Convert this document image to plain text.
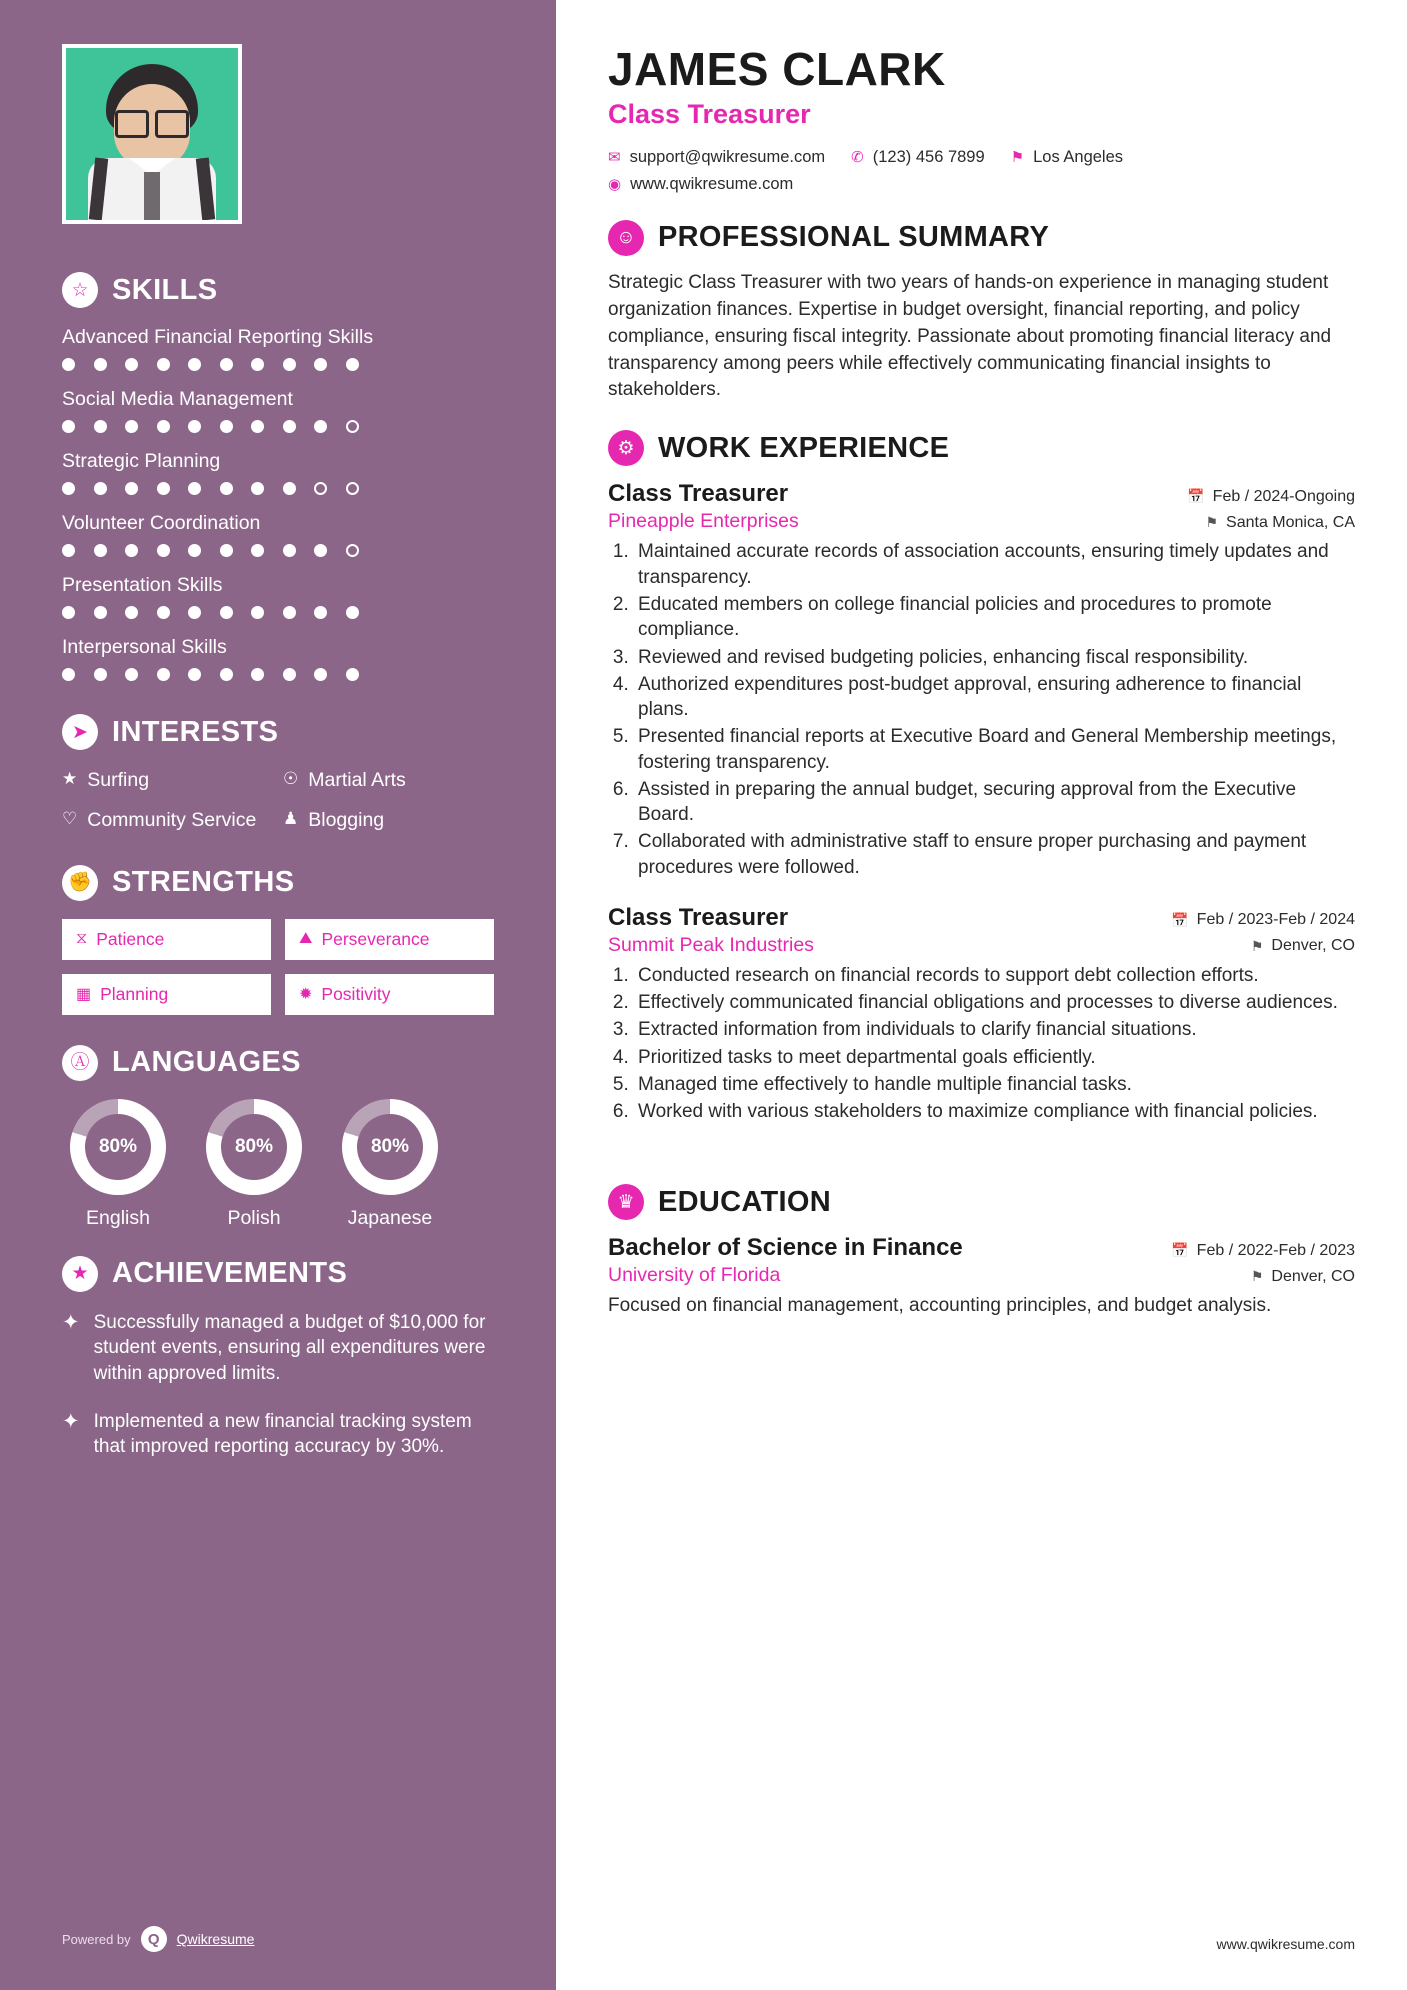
☆ SKILLS
Advanced Financial Reporting Skills
Social Media Management
Strategic Planning
Volunteer Coordination
Presentation Skills
Interpersonal Skills
➤ INTERESTS
★ Surfing	☉ Martial Arts
♡ Community Service ♟ Blogging
✊ STRENGTHS
⧖ Patience	⛰ Perseverance
▦ Planning	✹ Positivity
Ⓐ LANGUAGES
80%
English
80%
Polish
80%
Japanese
★ ACHIEVEMENTS
✦ Successfully managed a budget of $10,000 for student events, ensuring all expenditures were within approved limits.
✦ Implemented a new financial tracking system that improved reporting accuracy by 30%.
Powered by	Q	Qwikresume
JAMES CLARK
Class Treasurer
✉ support@qwikresume.com ✆ (123) 456 7899 ⚑ Los Angeles
◉ www.qwikresume.com
☺ PROFESSIONAL SUMMARY

Strategic Class Treasurer with two years of hands-on experience in managing student organization finances. Expertise in budget oversight, financial reporting, and policy compliance, ensuring fiscal integrity. Passionate about promoting financial literacy and transparency among peers while effectively communicating financial insights to stakeholders.

⚙ WORK EXPERIENCE
Class Treasurer	📅 Feb / 2024-Ongoing
Pineapple Enterprises	⚑ Santa Monica, CA
1. Maintained accurate records of association accounts, ensuring timely updates and transparency.
2. Educated members on college financial policies and procedures to promote compliance.
3. Reviewed and revised budgeting policies, enhancing fiscal responsibility.
4. Authorized expenditures post-budget approval, ensuring adherence to financial plans.
5. Presented financial reports at Executive Board and General Membership meetings, fostering transparency.
6. Assisted in preparing the annual budget, securing approval from the Executive Board.
7. Collaborated with administrative staff to ensure proper purchasing and payment procedures were followed.
Class Treasurer	📅 Feb / 2023-Feb / 2024
Summit Peak Industries	⚑ Denver, CO
1. Conducted research on financial records to support debt collection efforts.
2. Effectively communicated financial obligations and processes to diverse audiences.
3. Extracted information from individuals to clarify financial situations.
4. Prioritized tasks to meet departmental goals efficiently.
5. Managed time effectively to handle multiple financial tasks.
6. Worked with various stakeholders to maximize compliance with financial policies.
♛ EDUCATION
Bachelor of Science in Finance	📅 Feb / 2022-Feb / 2023
University of Florida	⚑ Denver, CO

Focused on financial management, accounting principles, and budget analysis.

www.qwikresume.com
